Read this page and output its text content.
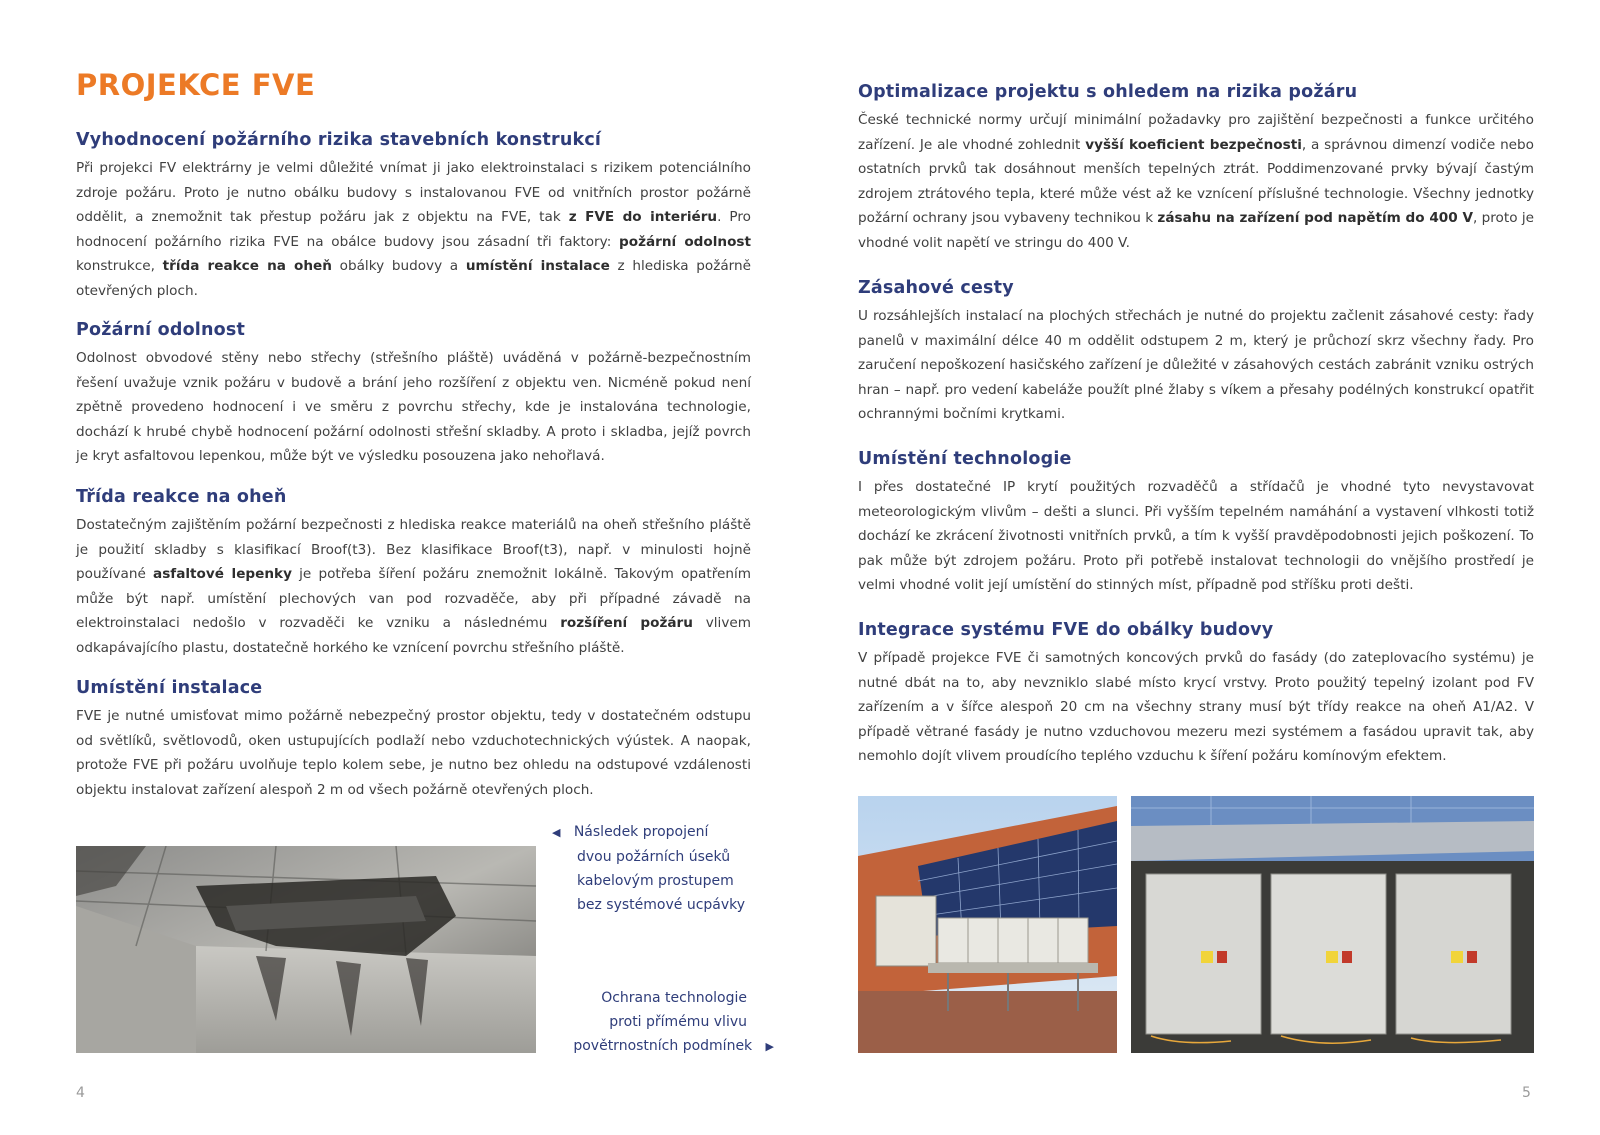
PROJEKCE FVE
Vyhodnocení požárního rizika stavebních konstrukcí

Při projekci FV elektrárny je velmi důležité vnímat ji jako elektroinstalaci s rizikem potenciálního zdroje požáru. Proto je nutno obálku budovy s instalovanou FVE od vnitřních prostor požárně oddělit, a znemožnit tak přestup požáru jak z objektu na FVE, tak z FVE do interiéru. Pro hodnocení požárního rizika FVE na obálce budovy jsou zásadní tři faktory: požární odolnost konstrukce, třída reakce na oheň obálky budovy a umístění instalace z hlediska požárně otevřených ploch.

Požární odolnost

Odolnost obvodové stěny nebo střechy (střešního pláště) uváděná v požárně-bezpečnostním řešení uvažuje vznik požáru v budově a brání jeho rozšíření z objektu ven. Nicméně pokud není zpětně provedeno hodnocení i ve směru z povrchu střechy, kde je instalována technologie, dochází k hrubé chybě hodnocení požární odolnosti střešní skladby. A proto i skladba, jejíž povrch je kryt asfaltovou lepenkou, může být ve výsledku posouzena jako nehořlavá.

Třída reakce na oheň

Dostatečným zajištěním požární bezpečnosti z hlediska reakce materiálů na oheň střešního pláště je použití skladby s klasifikací Broof(t3). Bez klasifikace Broof(t3), např. v minulosti hojně používané asfaltové lepenky je potřeba šíření požáru znemožnit lokálně. Takovým opatřením může být např. umístění plechových van pod rozvaděče, aby při případné závadě na elektroinstalaci nedošlo v rozvaděči ke vzniku a následnému rozšíření požáru vlivem odkapávajícího plastu, dostatečně horkého ke vznícení povrchu střešního pláště.

Umístění instalace

FVE je nutné umisťovat mimo požárně nebezpečný prostor objektu, tedy v dostatečném odstupu od světlíků, světlovodů, oken ustupujících podlaží nebo vzduchotechnických výústek. A naopak, protože FVE při požáru uvolňuje teplo kolem sebe, je nutno bez ohledu na odstupové vzdálenosti objektu instalovat zařízení alespoň 2 m od všech požárně otevřených ploch.

◀ Následek propojení
dvou požárních úseků
kabelovým prostupem
bez systémové ucpávky
Ochrana technologie
proti přímému vlivu
povětrnostních podmínek ▶
4
Optimalizace projektu s ohledem na rizika požáru

České technické normy určují minimální požadavky pro zajištění bezpečnosti a funkce určitého zařízení. Je ale vhodné zohlednit vyšší koeficient bezpečnosti, a správnou dimenzí vodiče nebo ostatních prvků tak dosáhnout menších tepelných ztrát. Poddimenzované prvky bývají častým zdrojem ztrátového tepla, které může vést až ke vznícení příslušné technologie. Všechny jednotky požární ochrany jsou vybaveny technikou k zásahu na zařízení pod napětím do 400 V, proto je vhodné volit napětí ve stringu do 400 V.

Zásahové cesty

U rozsáhlejších instalací na plochých střechách je nutné do projektu začlenit zásahové cesty: řady panelů v maximální délce 40 m oddělit odstupem 2 m, který je průchozí skrz všechny řady. Pro zaručení nepoškození hasičského zařízení je důležité v zásahových cestách zabránit vzniku ostrých hran – např. pro vedení kabeláže použít plné žlaby s víkem a přesahy podélných konstrukcí opatřit ochrannými bočními krytkami.

Umístění technologie

I přes dostatečné IP krytí použitých rozvaděčů a střídačů je vhodné tyto nevystavovat meteorologickým vlivům – dešti a slunci. Při vyšším tepelném namáhání a vystavení vlhkosti totiž dochází ke zkrácení životnosti vnitřních prvků, a tím k vyšší pravděpodobnosti jejich poškození. To pak může být zdrojem požáru. Proto při potřebě instalovat technologii do vnějšího prostředí je velmi vhodné volit její umístění do stinných míst, případně pod stříšku proti dešti.

Integrace systému FVE do obálky budovy

V případě projekce FVE či samotných koncových prvků do fasády (do zateplovacího systému) je nutné dbát na to, aby nevzniklo slabé místo krycí vrstvy. Proto použitý tepelný izolant pod FV zařízením a v šířce alespoň 20 cm na všechny strany musí být třídy reakce na oheň A1/A2. V případě větrané fasády je nutno vzduchovou mezeru mezi systémem a fasádou upravit tak, aby nemohlo dojít vlivem proudícího teplého vzduchu k šíření požáru komínovým efektem.

5
